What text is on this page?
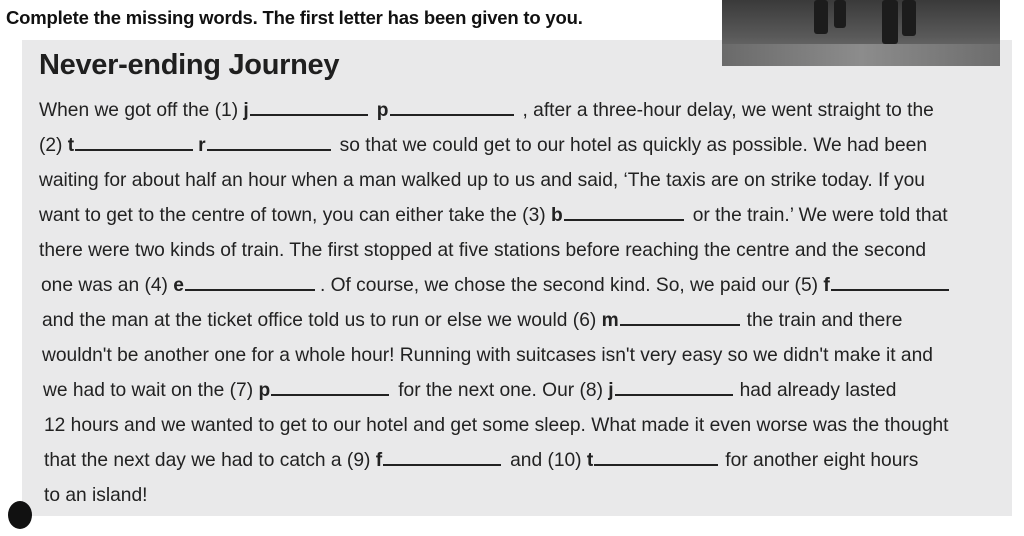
Complete the missing words. The first letter has been given to you.
Never-ending Journey
When we got off the (1) j	p	, after a three-hour delay, we went straight to the
(2) t	r	so that we could get to our hotel as quickly as possible. We had been
waiting for about half an hour when a man walked up to us and said, ‘The taxis are on strike today. If you
want to get to the centre of town, you can either take the (3) b	or the train.’ We were told that
there were two kinds of train. The first stopped at five stations before reaching the centre and the second
one was an (4) e	. Of course, we chose the second kind. So, we paid our (5) f
and the man at the ticket office told us to run or else we would (6) m	the train and there
wouldn't be another one for a whole hour! Running with suitcases isn't very easy so we didn't make it and
we had to wait on the (7) p	for the next one. Our (8) j	had already lasted
12 hours and we wanted to get to our hotel and get some sleep. What made it even worse was the thought
that the next day we had to catch a (9) f	and (10) t	for another eight hours
to an island!
